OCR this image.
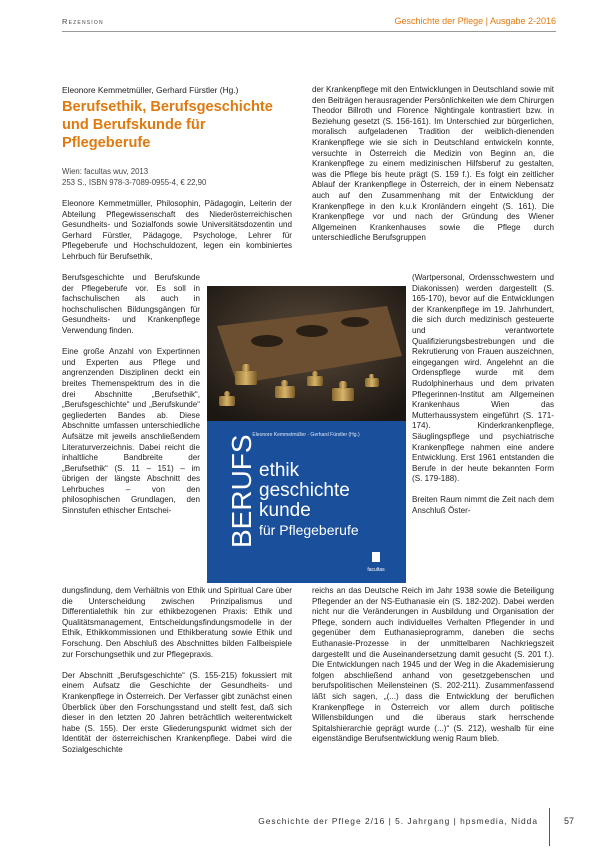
Rezension	Geschichte der Pflege | Ausgabe 2-2016
Eleonore Kemmetmüller, Gerhard Fürstler (Hg.)
Berufsethik, Berufsgeschichte und Berufskunde für Pflegeberufe
Wien: facultas wuv, 2013
253 S., ISBN 978-3-7089-0955-4, € 22,90

Eleonore Kemmetmüller, Philosophin, Pädagogin, Leiterin der Abteilung Pflegewissenschaft des Niederösterreichischen Gesundheits- und Sozialfonds sowie Universitätsdozentin und Gerhard Fürstler, Pädagoge, Psychologe, Lehrer für Pflegeberufe und Hochschuldozent, legen ein kombiniertes Lehrbuch für Berufsethik,

Berufsgeschichte und Berufskunde der Pflegeberufe vor. Es soll in fachschulischen als auch in hochschulischen Bildungsgängen für Gesundheits- und Krankenpflege Verwendung finden.

Eine große Anzahl von Expertinnen und Experten aus Pflege und angrenzenden Disziplinen deckt ein breites Themenspektrum des in die drei Abschnitte „Berufsethik“, „Berufsgeschichte“ und „Berufskunde“ gegliederten Bandes ab. Diese Abschnitte umfassen unterschiedliche Aufsätze mit jeweils anschließendem Literaturverzeichnis. Dabei reicht die inhaltliche Bandbreite der „Berufsethik“ (S. 11 – 151) – im übrigen der längste Abschnitt des Lehrbuches – von den philosophischen Grundlagen, den Sinnstufen ethischer Entschei-

Eleonore Kemmetmüller · Gerhard Fürstler (Hg.)
BERUFS ethik
geschichte
kunde
für Pflegeberufe
facultas

dungsfindung, dem Verhältnis von Ethik und Spiritual Care über die Unterscheidung zwischen Prinzipalismus und Differentialethik hin zur ethikbezogenen Praxis: Ethik und Qualitätsmanagement, Entscheidungsfindungsmodelle in der Ethik, Ethikkommissionen und Ethikberatung sowie Ethik und Forschung. Den Abschluß des Abschnittes bilden Fallbeispiele zur Forschungsethik und zur Pflegepraxis.

Der Abschnitt „Berufsgeschichte“ (S. 155-215) fokussiert mit einem Aufsatz die Geschichte der Gesundheits- und Krankenpflege in Österreich. Der Verfasser gibt zunächst einen Überblick über den Forschungsstand und stellt fest, daß sich dieser in den letzten 20 Jahren beträchtlich weiterentwickelt habe (S. 155). Der erste Gliederungspunkt widmet sich der Identität der österreichischen Krankenpflege. Dabei wird die Sozialgeschichte

der Krankenpflege mit den Entwicklungen in Deutschland sowie mit den Beiträgen herausragender Persönlichkeiten wie dem Chirurgen Theodor Billroth und Florence Nightingale kontrastiert bzw. in Beziehung gesetzt (S. 156-161). Im Unterschied zur bürgerlichen, moralisch aufgeladenen Tradition der weiblich-dienenden Krankenpflege wie sie sich in Deutschland entwickeln konnte, versuchte in Österreich die Medizin von Beginn an, die Krankenpflege zu einem medizinischen Hilfsberuf zu gestalten, was die Pflege bis heute prägt (S. 159 f.). Es folgt ein zeitlicher Ablauf der Krankenpflege in Österreich, der in einem Nebensatz auch auf den Zusammenhang mit der Entwicklung der Krankenpflege in den k.u.k Kronländern eingeht (S. 161). Die Krankenpflege vor und nach der Gründung des Wiener Allgemeinen Krankenhauses sowie die Pflege durch unterschiedliche Berufsgruppen

(Wartpersonal, Ordensschwestern und Diakonissen) werden dargestellt (S. 165-170), bevor auf die Entwicklungen der Krankenpflege im 19. Jahrhundert, die sich durch medizinisch gesteuerte und verantwortete Qualifizierungsbestrebungen und die Rekrutierung von Frauen auszeichnen, eingegangen wird. Angelehnt an die Ordenspflege wurde mit dem Rudolphinerhaus und dem privaten Pflegerinnen-Institut am Allgemeinen Krankenhaus Wien das Mutterhaussystem eingeführt (S. 171-174). Kinderkrankenpflege, Säuglingspflege und psychiatrische Krankenpflege nahmen eine andere Entwicklung. Erst 1961 entstanden die Berufe in der heute bekannten Form (S. 179-188).

Breiten Raum nimmt die Zeit nach dem Anschluß Öster-

reichs an das Deutsche Reich im Jahr 1938 sowie die Beteiligung Pflegender an der NS-Euthanasie ein (S. 182-202). Dabei werden nicht nur die Veränderungen in Ausbildung und Organisation der Pflege, sondern auch individuelles Verhalten Pflegender in und gegenüber dem Euthanasieprogramm, daneben die sechs Euthanasie-Prozesse in der unmittelbaren Nachkriegszeit dargestellt und die Auseinandersetzung damit gesucht (S. 201 f.). Die Entwicklungen nach 1945 und der Weg in die Akademisierung folgen abschließend anhand von gesetzgebenschen und berufspolitischen Meilensteinen (S. 202-211). Zusammenfassend läßt sich sagen, „(...) dass die Entwicklung der beruflichen Krankenpflege in Österreich vor allem durch politische Willensbildungen und die überaus stark herrschende Spitalshierarchie geprägt wurde (...)“ (S. 212), weshalb für eine eigenständige Berufsentwicklung wenig Raum blieb.

Geschichte der Pflege 2/16 | 5. Jahrgang | hpsmedia, Nidda	57
